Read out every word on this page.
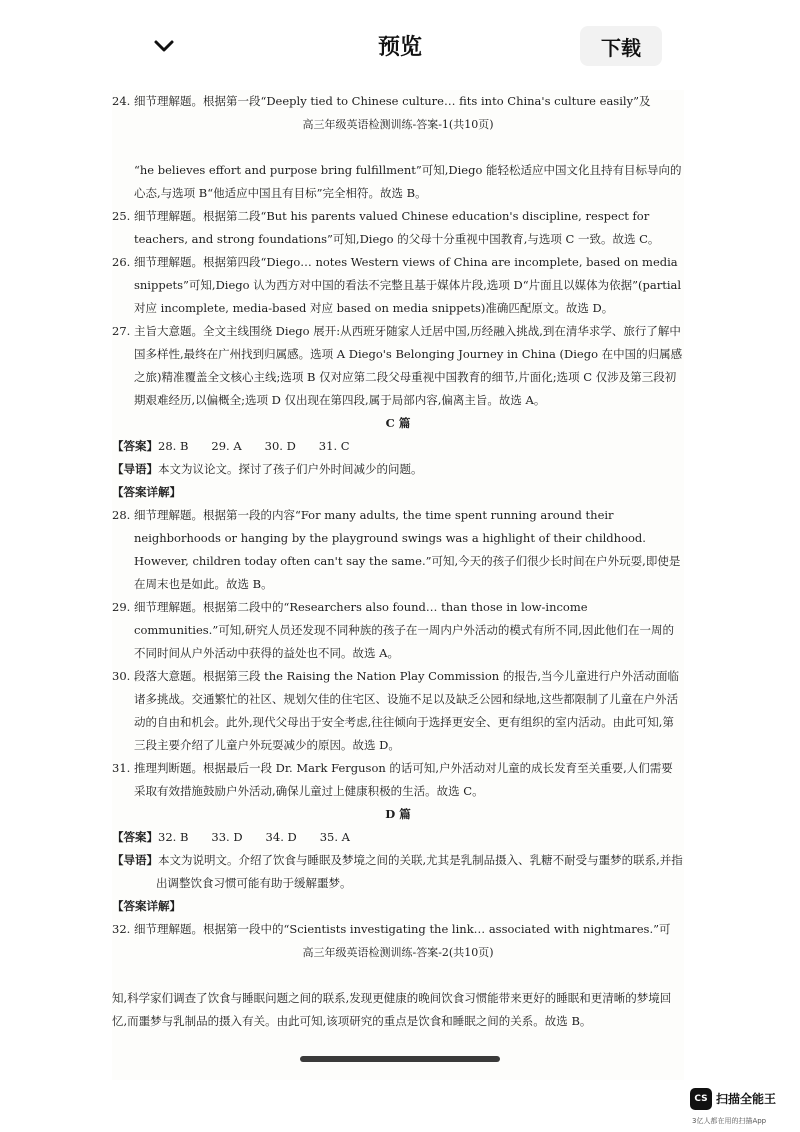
预览	下载

24. 细节理解题。根据第一段“Deeply tied to Chinese culture… fits into China's culture easily”及

高三年级英语检测训练-答案-1(共10页)

“he believes effort and purpose bring fulfillment”可知,Diego 能轻松适应中国文化且持有目标导向的心态,与选项 B“他适应中国且有目标”完全相符。故选 B。

25. 细节理解题。根据第二段“But his parents valued Chinese education's discipline, respect for teachers, and strong foundations”可知,Diego 的父母十分重视中国教育,与选项 C 一致。故选 C。

26. 细节理解题。根据第四段“Diego… notes Western views of China are incomplete, based on media snippets”可知,Diego 认为西方对中国的看法不完整且基于媒体片段,选项 D“片面且以媒体为依据”(partial 对应 incomplete, media-based 对应 based on media snippets)准确匹配原文。故选 D。

27. 主旨大意题。全文主线围绕 Diego 展开:从西班牙随家人迁居中国,历经融入挑战,到在清华求学、旅行了解中国多样性,最终在广州找到归属感。选项 A Diego's Belonging Journey in China (Diego 在中国的归属感之旅)精准覆盖全文核心主线;选项 B 仅对应第二段父母重视中国教育的细节,片面化;选项 C 仅涉及第三段初期艰难经历,以偏概全;选项 D 仅出现在第四段,属于局部内容,偏离主旨。故选 A。

C 篇

【答案】28. B　　29. A　　30. D　　31. C

【导语】本文为议论文。探讨了孩子们户外时间减少的问题。

【答案详解】

28. 细节理解题。根据第一段的内容“For many adults, the time spent running around their neighborhoods or hanging by the playground swings was a highlight of their childhood. However, children today often can't say the same.”可知,今天的孩子们很少长时间在户外玩耍,即使是在周末也是如此。故选 B。

29. 细节理解题。根据第二段中的“Researchers also found… than those in low-income communities.”可知,研究人员还发现不同种族的孩子在一周内户外活动的模式有所不同,因此他们在一周的不同时间从户外活动中获得的益处也不同。故选 A。

30. 段落大意题。根据第三段 the Raising the Nation Play Commission 的报告,当今儿童进行户外活动面临诸多挑战。交通繁忙的社区、规划欠佳的住宅区、设施不足以及缺乏公园和绿地,这些都限制了儿童在户外活动的自由和机会。此外,现代父母出于安全考虑,往往倾向于选择更安全、更有组织的室内活动。由此可知,第三段主要介绍了儿童户外玩耍减少的原因。故选 D。

31. 推理判断题。根据最后一段 Dr. Mark Ferguson 的话可知,户外活动对儿童的成长发育至关重要,人们需要采取有效措施鼓励户外活动,确保儿童过上健康积极的生活。故选 C。

D 篇

【答案】32. B　　33. D　　34. D　　35. A

【导语】本文为说明文。介绍了饮食与睡眠及梦境之间的关联,尤其是乳制品摄入、乳糖不耐受与噩梦的联系,并指出调整饮食习惯可能有助于缓解噩梦。

【答案详解】

32. 细节理解题。根据第一段中的“Scientists investigating the link… associated with nightmares.”可

高三年级英语检测训练-答案-2(共10页)

知,科学家们调查了饮食与睡眠问题之间的联系,发现更健康的晚间饮食习惯能带来更好的睡眠和更清晰的梦境回忆,而噩梦与乳制品的摄入有关。由此可知,该项研究的重点是饮食和睡眠之间的关系。故选 B。

CS 扫描全能王
3亿人都在用的扫描App
